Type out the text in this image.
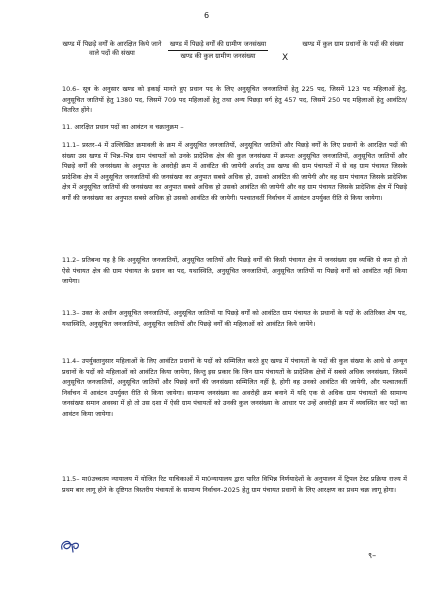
6
खण्ड में पिछड़े वर्गों के आरक्षित किये जाने वाले पदों की संख्या
खण्ड में पिछड़े वर्गों की ग्रामीण जनसंख्या
खण्ड की कुल ग्रामीण जनसंख्या	X
खण्ड में कुल ग्राम प्रधानों के पदों की संख्या
10.6– सूत्र के अनुसार खण्ड को इकाई मानते हुए प्रधान पद के लिए अनुसूचित जनजातियों हेतु 225 पद, जिसमें 123 पद महिलाओं हेतु, अनुसूचित जातियों हेतु 1380 पद, जिसमें 709 पद महिलाओं हेतु तथा अन्य पिछड़ा वर्ग हेतु 457 पद, जिसमें 250 पद महिलाओं हेतु आवंटित/वितरित होंगे।
11. आरक्षित प्रधान पदों का आवंटन व चक्रानुक्रम –
11.1– प्रस्तर–4 में उल्लिखित क्रमावली के क्रम में अनुसूचित जनजातियों, अनुसूचित जातियों और पिछड़े वर्गों के लिए प्रधानों के आरक्षित पदों की संख्या उस खण्ड में भिन्न–भिन्न ग्राम पंचायतों को उनके प्रादेशिक क्षेत्र की कुल जनसंख्या में क्रमशः अनुसूचित जनजातियों, अनुसूचित जातियों और पिछड़े वर्गों की जनसंख्या के अनुपात के अवरोही क्रम में आवंटित की जायेगी अर्थात् उस खण्ड की ग्राम पंचायतों में से वह ग्राम पंचायत जिसके प्रादेशिक क्षेत्र में अनुसूचित जनजातियों की जनसंख्या का अनुपात सबसे अधिक हो, उसको आवंटित की जायेगी और वह ग्राम पंचायत जिसके प्रादेशिक क्षेत्र में अनुसूचित जातियों की जनसंख्या का अनुपात सबसे अधिक हो उसको आवंटित की जायेगी और वह ग्राम पंचायत जिसके प्रादेशिक क्षेत्र में पिछड़े वर्गों की जनसंख्या का अनुपात सबसे अधिक हो उसको आवंटित की जायेगी। पश्चातवर्ती निर्वाचन में आवंटन उपर्युक्त रीति से किया जायेगा।
11.2– प्रतिबन्ध यह है कि अनुसूचित जनजातियों, अनुसूचित जातियों और पिछड़े वर्गों की किसी पंचायत क्षेत्र में जनसंख्या दस व्यक्ति से कम हो तो ऐसे पंचायत क्षेत्र की ग्राम पंचायत के प्रधान का पद, यथास्थिति, अनुसूचित जनजातियों, अनुसूचित जातियों या पिछड़े वर्गों को आवंटित नहीं किया जायेगा।
11.3– उक्त के अधीन अनुसूचित जनजातियों, अनुसूचित जातियों या पिछड़े वर्गों को आवंटित ग्राम पंचायत के प्रधानों के पदों के अतिरिक्त शेष पद, यथास्थिति, अनुसूचित जनजातियों, अनुसूचित जातियों और पिछड़े वर्गों की महिलाओं को आवंटित किये जायेंगे।
11.4– उपर्युक्तानुसार महिलाओं के लिए आवंटित प्रधानों के पदों को सम्मिलित करते हुए खण्ड में पंचायतों के पदों की कुल संख्या के आधे से अन्यून प्रधानों के पदों को महिलाओं को आवंटित किया जायेगा, किन्तु इस प्रकार कि जिन ग्राम पंचायतों के प्रादेशिक क्षेत्रों में सबसे अधिक जनसंख्या, जिसमें अनुसूचित जनजातियों, अनुसूचित जातियों और पिछड़े वर्गों की जनसंख्या सम्मिलित नहीं है, होगी वह उनको आवंटित की जायेगी, और पश्चातवर्ती निर्वाचन में आवंटन उपर्युक्त रीति से किया जायेगा। सामान्य जनसंख्या का अवरोही क्रम बनाने में यदि एक से अधिक ग्राम पंचायतों की सामान्य जनसंख्या समान अवस्था में हो तो उस दशा में ऐसी ग्राम पंचायतों को उनकी कुल जनसंख्या के आधार पर उन्हें अवरोही क्रम में व्यवस्थित कर पदों का आवंटन किया जायेगा।
11.5– मा0उच्चतम न्यायालय में योजित रिट याचिकाओं में मा0न्यायालय द्वारा पारित विभिन्न निर्णयादेशों के अनुपालन में ट्रिपल टेस्ट प्रक्रिया राज्य में प्रथम बार लागू होने के दृष्टिगत त्रिस्तरीय पंचायतों के सामान्य निर्वाचन–2025 हेतु ग्राम पंचायत प्रधानों के लिए आरक्षण का प्रथम चक्र लागू होगा।
९–
